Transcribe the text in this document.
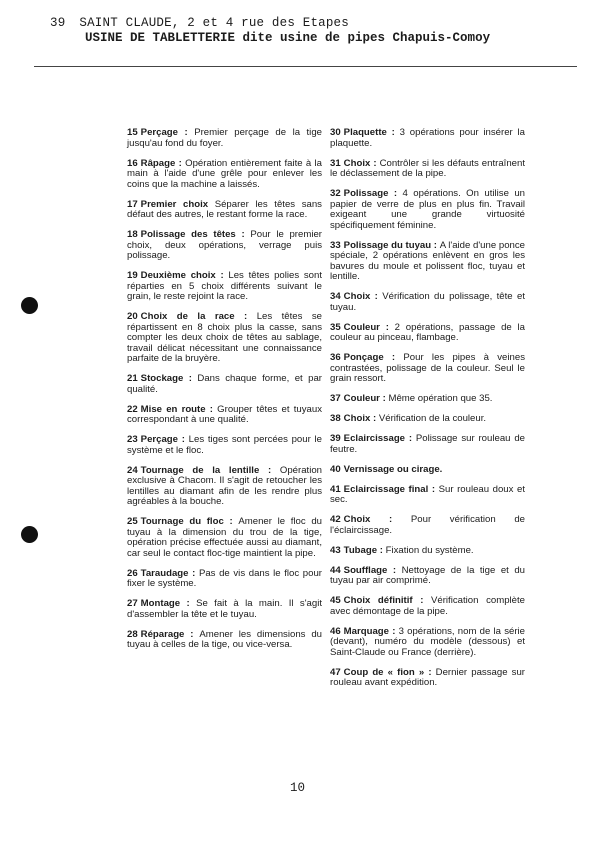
39 SAINT CLAUDE, 2 et 4 rue des Etapes
USINE DE TABLETTERIE dite usine de pipes Chapuis-Comoy

15 Perçage : Premier perçage de la tige jusqu'au fond du foyer.

16 Râpage : Opération entièrement faite à la main à l'aide d'une grêle pour enlever les coins que la machine a laissés.

17 Premier choix Séparer les têtes sans défaut des autres, le restant forme la race.

18 Polissage des têtes : Pour le premier choix, deux opérations, verrage puis polissage.

19 Deuxième choix : Les têtes polies sont réparties en 5 choix différents suivant le grain, le reste rejoint la race.

20 Choix de la race : Les têtes se répartissent en 8 choix plus la casse, sans compter les deux choix de têtes au sablage, travail délicat nécessitant une connaissance parfaite de la bruyère.

21 Stockage : Dans chaque forme, et par qualité.

22 Mise en route : Grouper têtes et tuyaux correspondant à une qualité.

23 Perçage : Les tiges sont percées pour le système et le floc.

24 Tournage de la lentille : Opération exclusive à Chacom. Il s'agit de retoucher les lentilles au diamant afin de les rendre plus agréables à la bouche.

25 Tournage du floc : Amener le floc du tuyau à la dimension du trou de la tige, opération précise effectuée aussi au diamant, car seul le contact floc-tige maintient la pipe.

26 Taraudage : Pas de vis dans le floc pour fixer le système.

27 Montage : Se fait à la main. Il s'agit d'assembler la tête et le tuyau.

28 Réparage : Amener les dimensions du tuyau à celles de la tige, ou vice-versa.

30 Plaquette : 3 opérations pour insérer la plaquette.

31 Choix : Contrôler si les défauts entraînent le déclassement de la pipe.

32 Polissage : 4 opérations. On utilise un papier de verre de plus en plus fin. Travail exigeant une grande virtuosité spécifiquement féminine.

33 Polissage du tuyau : A l'aide d'une ponce spéciale, 2 opérations enlèvent en gros les bavures du moule et polissent floc, tuyau et lentille.

34 Choix : Vérification du polissage, tête et tuyau.

35 Couleur : 2 opérations, passage de la couleur au pinceau, flambage.

36 Ponçage : Pour les pipes à veines contrastées, polissage de la couleur. Seul le grain ressort.

37 Couleur : Même opération que 35.

38 Choix : Vérification de la couleur.

39 Eclaircissage : Polissage sur rouleau de feutre.

40 Vernissage ou cirage.

41 Eclaircissage final : Sur rouleau doux et sec.

42 Choix : Pour vérification de l'éclaircissage.

43 Tubage : Fixation du système.

44 Soufflage : Nettoyage de la tige et du tuyau par air comprimé.

45 Choix définitif : Vérification complète avec démontage de la pipe.

46 Marquage : 3 opérations, nom de la série (devant), numéro du modèle (dessous) et Saint-Claude ou France (derrière).

47 Coup de « fion » : Dernier passage sur rouleau avant expédition.

10
